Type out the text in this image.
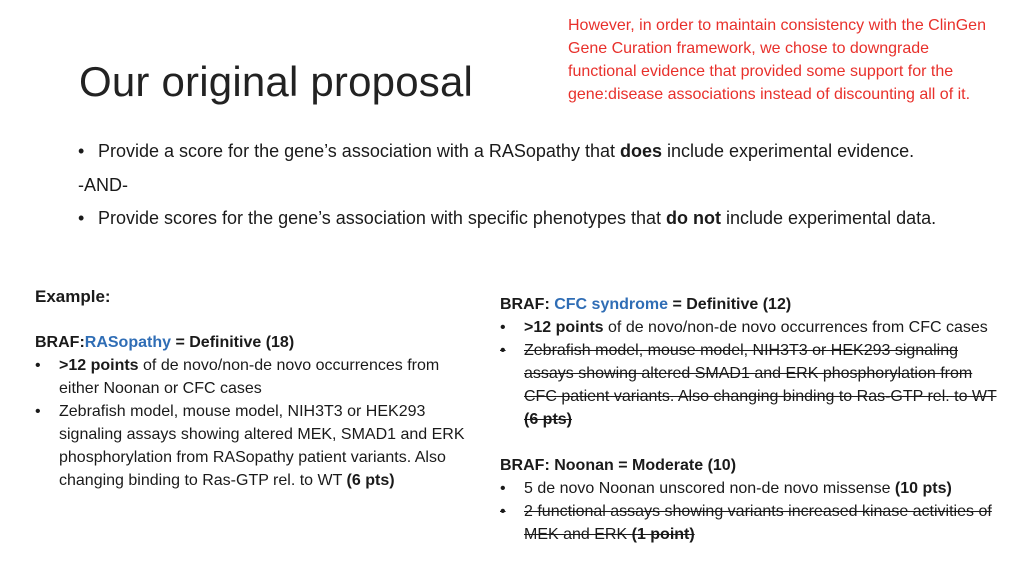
Our original proposal
However, in order to maintain consistency with the ClinGen Gene Curation framework, we chose to downgrade functional evidence that provided some support for the gene:disease associations instead of discounting all of it.
• Provide a score for the gene’s association with a RASopathy that does include experimental evidence.
-AND-
• Provide scores for the gene’s association with specific phenotypes that do not include experimental data.
Example:
BRAF:RASopathy = Definitive (18)
•	>12 points of de novo/non-de novo occurrences from either Noonan or CFC cases
•	Zebrafish model, mouse model, NIH3T3 or HEK293 signaling assays showing altered MEK, SMAD1 and ERK phosphorylation from RASopathy patient variants. Also changing binding to Ras-GTP rel. to WT (6 pts)
BRAF: CFC syndrome = Definitive (12)
•	>12 points of de novo/non-de novo occurrences from CFC cases
•	Zebrafish model, mouse model, NIH3T3 or HEK293 signaling assays showing altered SMAD1 and ERK phosphorylation from CFC patient variants. Also changing binding to Ras-GTP rel. to WT (6 pts)
BRAF: Noonan = Moderate (10)
•	5 de novo Noonan unscored non-de novo missense (10 pts)
•	2 functional assays showing variants increased kinase activities of MEK and ERK (1 point)
